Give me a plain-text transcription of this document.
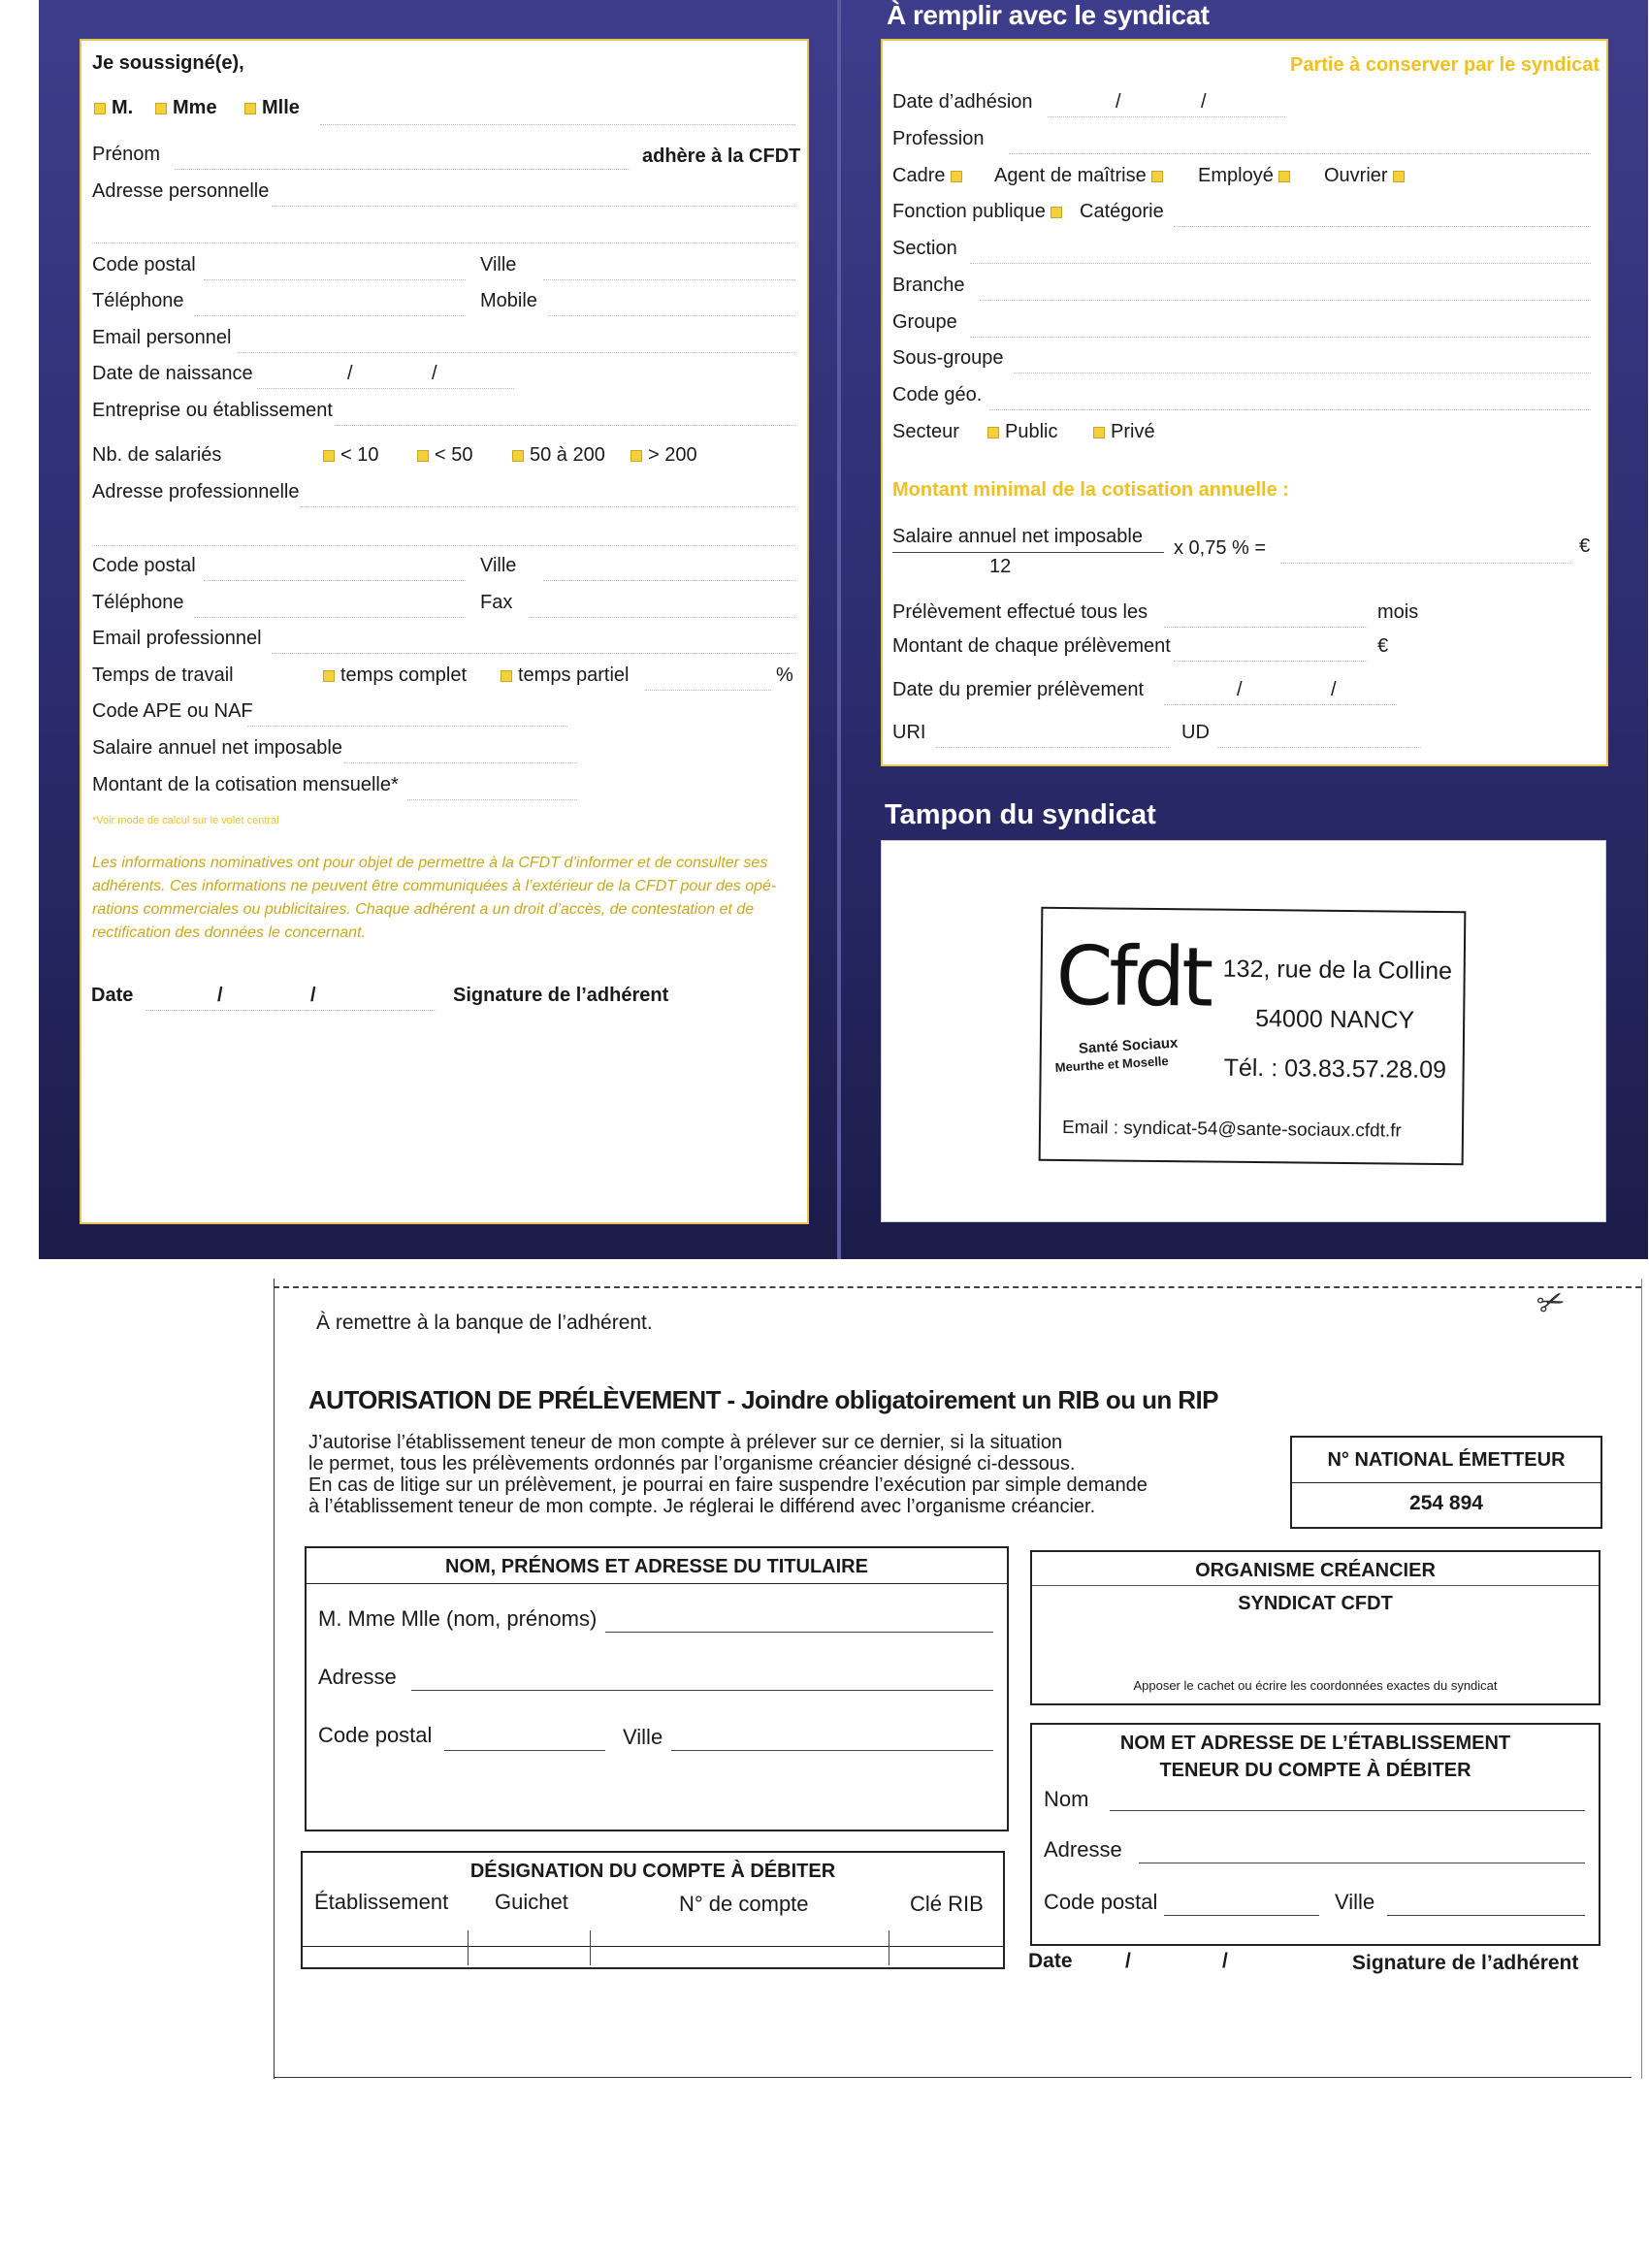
Je soussigné(e),
M.	Mme	Mlle
Prénom	adhère à la CFDT
Adresse personnelle
Code postal	Ville
Téléphone	Mobile
Email personnel
Date de naissance	/	/
Entreprise ou établissement
Nb. de salariés	< 10	< 50	50 à 200	> 200
Adresse professionnelle
Code postal	Ville
Téléphone	Fax
Email professionnel
Temps de travail	temps complet	temps partiel	%
Code APE ou NAF
Salaire annuel net imposable
Montant de la cotisation mensuelle*
*Voir mode de calcul sur le volet central
Les informations nominatives ont pour objet de permettre à la CFDT d’informer et de consulter ses adhérents. Ces informations ne peuvent être communiquées à l’extérieur de la CFDT pour des opé-rations commerciales ou publicitaires. Chaque adhérent a un droit d’accès, de contestation et de rectification des données le concernant.
Date	/	/	Signature de l’adhérent
À remplir avec le syndicat
Partie à conserver par le syndicat
Date d’adhésion	/	/
Profession
Cadre	Agent de maîtrise	Employé	Ouvrier
Fonction publique	Catégorie
Section
Branche
Groupe
Sous-groupe
Code géo.
Secteur	Public	Privé
Montant minimal de la cotisation annuelle :
Salaire annuel net imposable
12
x 0,75 % =	€
Prélèvement effectué tous les	mois
Montant de chaque prélèvement	€
Date du premier prélèvement	/	/
URI	UD
Tampon du syndicat
Cfdt
Santé Sociaux
Meurthe et Moselle
132, rue de la Colline
54000 NANCY
Tél. : 03.83.57.28.09
Email : syndicat-54@sante-sociaux.cfdt.fr
✂
À remettre à la banque de l’adhérent.
AUTORISATION DE PRÉLÈVEMENT - Joindre obligatoirement un RIB ou un RIP
J’autorise l’établissement teneur de mon compte à prélever sur ce dernier, si la situation
le permet, tous les prélèvements ordonnés par l’organisme créancier désigné ci-dessous.
En cas de litige sur un prélèvement, je pourrai en faire suspendre l’exécution par simple demande
à l’établissement teneur de mon compte. Je réglerai le différend avec l’organisme créancier.
N° NATIONAL ÉMETTEUR
254 894
NOM, PRÉNOMS ET ADRESSE DU TITULAIRE
M. Mme Mlle (nom, prénoms)
Adresse
Code postal	Ville
ORGANISME CRÉANCIER
SYNDICAT CFDT
Apposer le cachet ou écrire les coordonnées exactes du syndicat
NOM ET ADRESSE DE L’ÉTABLISSEMENT
TENEUR DU COMPTE À DÉBITER
Nom
Adresse
Code postal	Ville
DÉSIGNATION DU COMPTE À DÉBITER
Établissement Guichet	N° de compte	Clé RIB
Date	/	/	Signature de l’adhérent
